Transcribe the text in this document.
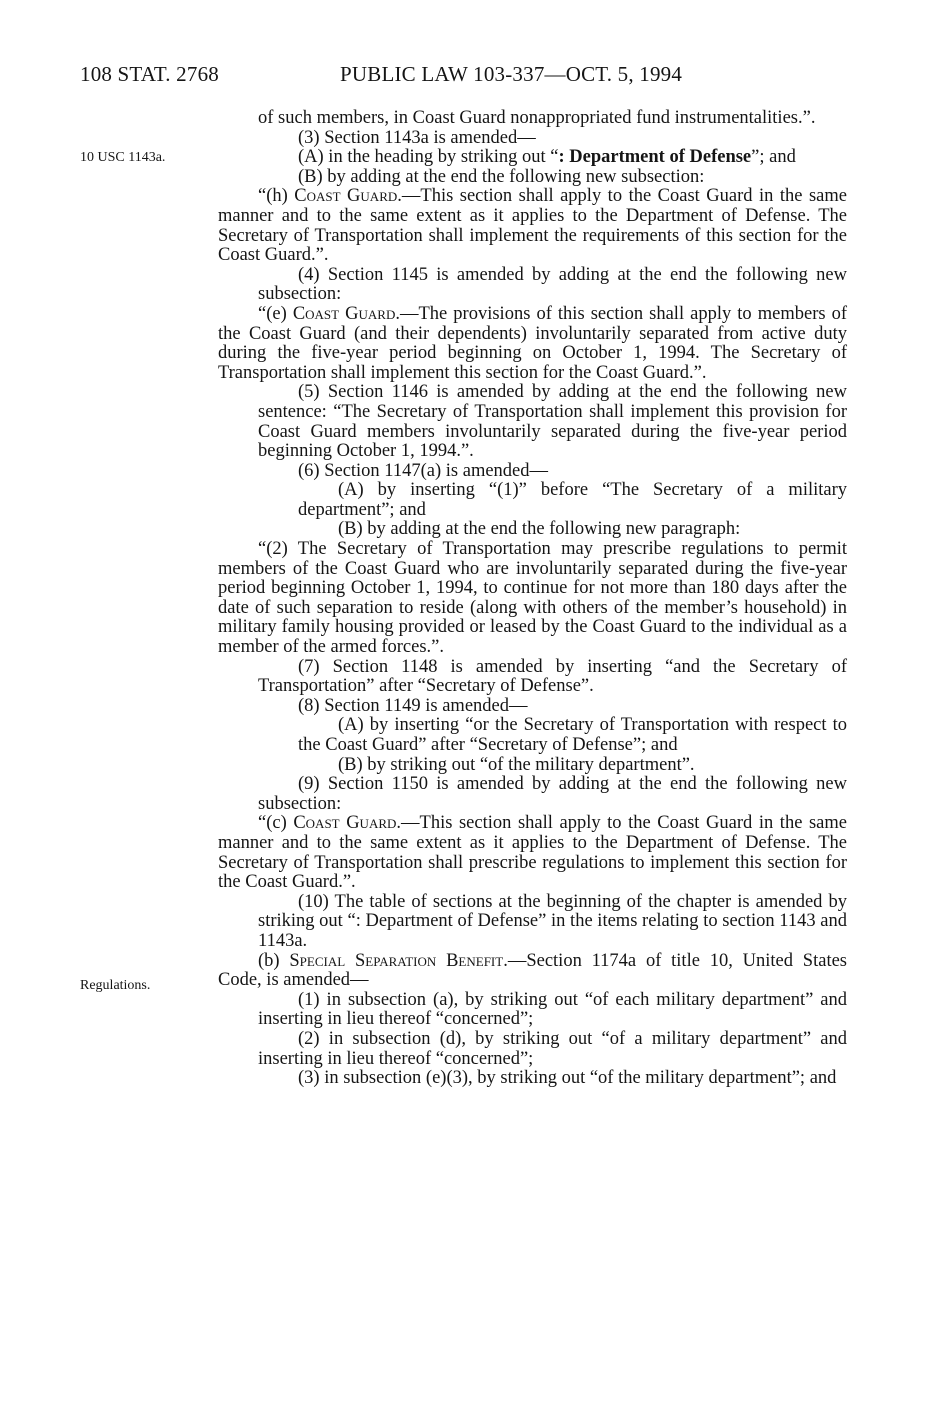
108 STAT. 2768	PUBLIC LAW 103-337—OCT. 5, 1994
10 USC 1143a.
Regulations.

of such members, in Coast Guard nonappropriated fund instrumentalities.”.

(3) Section 1143a is amended—

(A) in the heading by striking out “: Department of Defense”; and

(B) by adding at the end the following new subsection:

“(h) Coast Guard.—This section shall apply to the Coast Guard in the same manner and to the same extent as it applies to the Department of Defense. The Secretary of Transportation shall implement the requirements of this section for the Coast Guard.”.

(4) Section 1145 is amended by adding at the end the following new subsection:

“(e) Coast Guard.—The provisions of this section shall apply to members of the Coast Guard (and their dependents) involuntarily separated from active duty during the five-year period beginning on October 1, 1994. The Secretary of Transportation shall implement this section for the Coast Guard.”.

(5) Section 1146 is amended by adding at the end the following new sentence: “The Secretary of Transportation shall implement this provision for Coast Guard members involuntarily separated during the five-year period beginning October 1, 1994.”.

(6) Section 1147(a) is amended—

(A) by inserting “(1)” before “The Secretary of a military department”; and

(B) by adding at the end the following new paragraph:

“(2) The Secretary of Transportation may prescribe regulations to permit members of the Coast Guard who are involuntarily separated during the five-year period beginning October 1, 1994, to continue for not more than 180 days after the date of such separation to reside (along with others of the member’s household) in military family housing provided or leased by the Coast Guard to the individual as a member of the armed forces.”.

(7) Section 1148 is amended by inserting “and the Secretary of Transportation” after “Secretary of Defense”.

(8) Section 1149 is amended—

(A) by inserting “or the Secretary of Transportation with respect to the Coast Guard” after “Secretary of Defense”; and

(B) by striking out “of the military department”.

(9) Section 1150 is amended by adding at the end the following new subsection:

“(c) Coast Guard.—This section shall apply to the Coast Guard in the same manner and to the same extent as it applies to the Department of Defense. The Secretary of Transportation shall prescribe regulations to implement this section for the Coast Guard.”.

(10) The table of sections at the beginning of the chapter is amended by striking out “: Department of Defense” in the items relating to section 1143 and 1143a.

(b) Special Separation Benefit.—Section 1174a of title 10, United States Code, is amended—

(1) in subsection (a), by striking out “of each military department” and inserting in lieu thereof “concerned”;

(2) in subsection (d), by striking out “of a military department” and inserting in lieu thereof “concerned”;

(3) in subsection (e)(3), by striking out “of the military department”; and
